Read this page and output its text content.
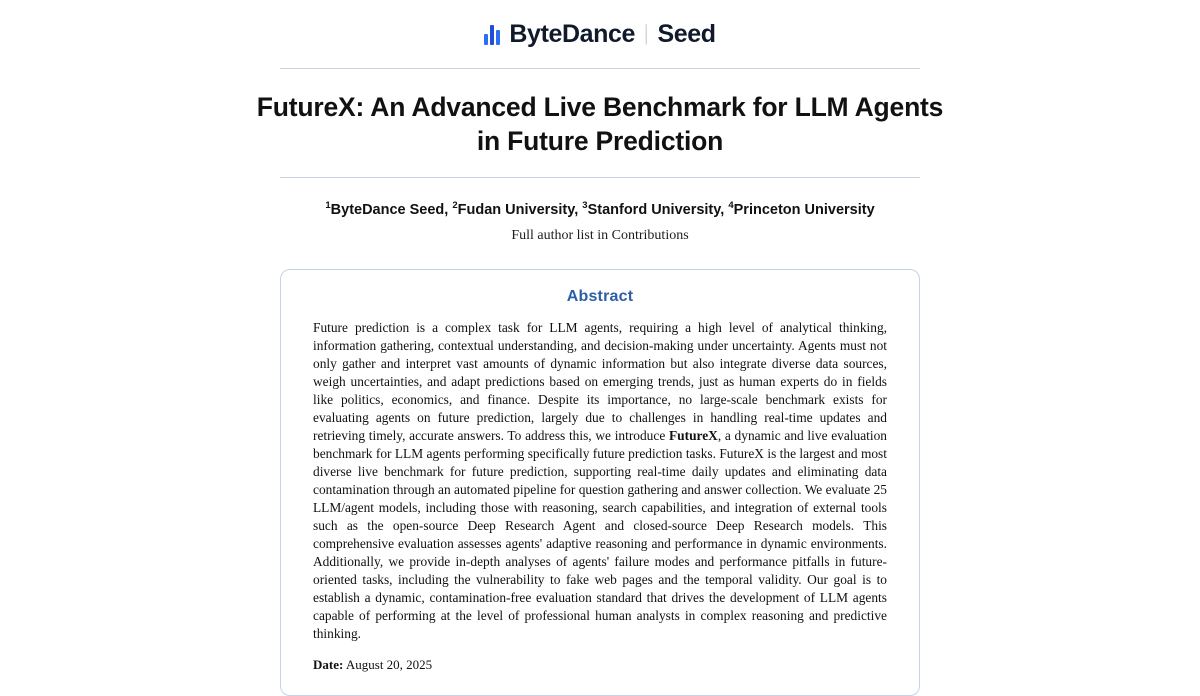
ByteDance | Seed
FutureX: An Advanced Live Benchmark for LLM Agents in Future Prediction
$^1$ByteDance Seed, $^2$Fudan University, $^3$Stanford University, $^4$Princeton University
Full author list in Contributions
Abstract
Future prediction is a complex task for LLM agents, requiring a high level of analytical thinking, information gathering, contextual understanding, and decision-making under uncertainty. Agents must not only gather and interpret vast amounts of dynamic information but also integrate diverse data sources, weigh uncertainties, and adapt predictions based on emerging trends, just as human experts do in fields like politics, economics, and finance. Despite its importance, no large-scale benchmark exists for evaluating agents on future prediction, largely due to challenges in handling real-time updates and retrieving timely, accurate answers. To address this, we introduce FutureX, a dynamic and live evaluation benchmark for LLM agents performing specifically future prediction tasks. FutureX is the largest and most diverse live benchmark for future prediction, supporting real-time daily updates and eliminating data contamination through an automated pipeline for question gathering and answer collection. We evaluate 25 LLM/agent models, including those with reasoning, search capabilities, and integration of external tools such as the open-source Deep Research Agent and closed-source Deep Research models. This comprehensive evaluation assesses agents' adaptive reasoning and performance in dynamic environments. Additionally, we provide in-depth analyses of agents' failure modes and performance pitfalls in future-oriented tasks, including the vulnerability to fake web pages and the temporal validity. Our goal is to establish a dynamic, contamination-free evaluation standard that drives the development of LLM agents capable of performing at the level of professional human analysts in complex reasoning and predictive thinking.
Date: August 20, 2025
